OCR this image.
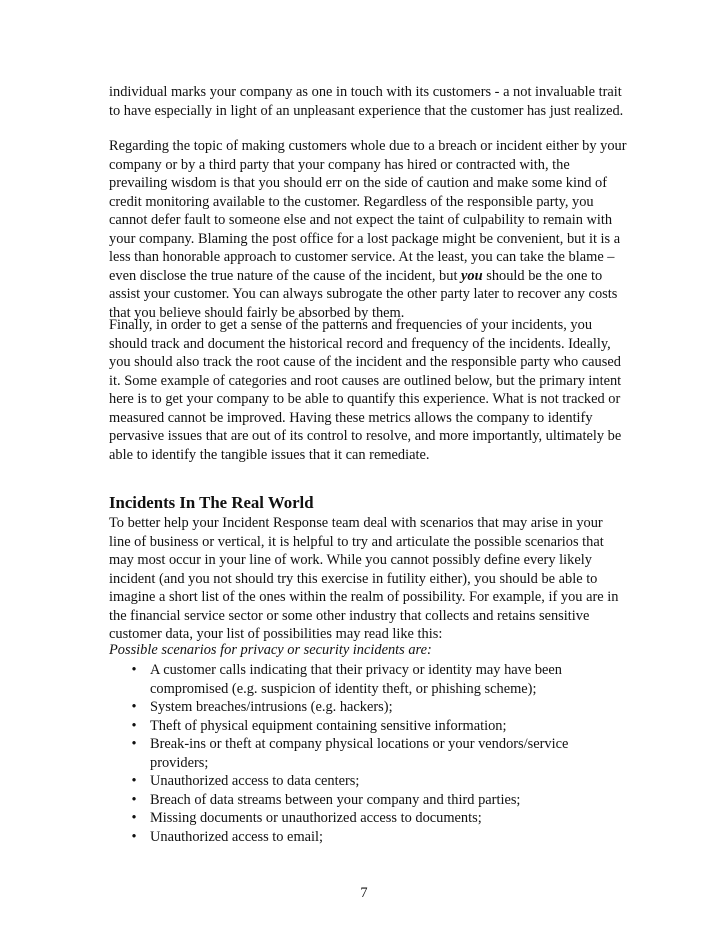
individual marks your company as one in touch with its customers - a not invaluable trait
to have especially in light of an unpleasant experience that the customer has just realized.

Regarding the topic of making customers whole due to a breach or incident either by your
company or by a third party that your company has hired or contracted with, the
prevailing wisdom is that you should err on the side of caution and make some kind of
credit monitoring available to the customer. Regardless of the responsible party, you
cannot defer fault to someone else and not expect the taint of culpability to remain with
your company. Blaming the post office for a lost package might be convenient, but it is a
less than honorable approach to customer service. At the least, you can take the blame –
even disclose the true nature of the cause of the incident, but you should be the one to
assist your customer. You can always subrogate the other party later to recover any costs
that you believe should fairly be absorbed by them.

Finally, in order to get a sense of the patterns and frequencies of your incidents, you
should track and document the historical record and frequency of the incidents. Ideally,
you should also track the root cause of the incident and the responsible party who caused
it. Some example of categories and root causes are outlined below, but the primary intent
here is to get your company to be able to quantify this experience. What is not tracked or
measured cannot be improved. Having these metrics allows the company to identify
pervasive issues that are out of its control to resolve, and more importantly, ultimately be
able to identify the tangible issues that it can remediate.

Incidents In The Real World

To better help your Incident Response team deal with scenarios that may arise in your
line of business or vertical, it is helpful to try and articulate the possible scenarios that
may most occur in your line of work. While you cannot possibly define every likely
incident (and you not should try this exercise in futility either), you should be able to
imagine a short list of the ones within the realm of possibility. For example, if you are in
the financial service sector or some other industry that collects and retains sensitive
customer data, your list of possibilities may read like this:

Possible scenarios for privacy or security incidents are:

• A customer calls indicating that their privacy or identity may have been compromised (e.g. suspicion of identity theft, or phishing scheme);
• System breaches/intrusions (e.g. hackers);
• Theft of physical equipment containing sensitive information;
• Break-ins or theft at company physical locations or your vendors/service providers;
• Unauthorized access to data centers;
• Breach of data streams between your company and third parties;
• Missing documents or unauthorized access to documents;
• Unauthorized access to email;
7
